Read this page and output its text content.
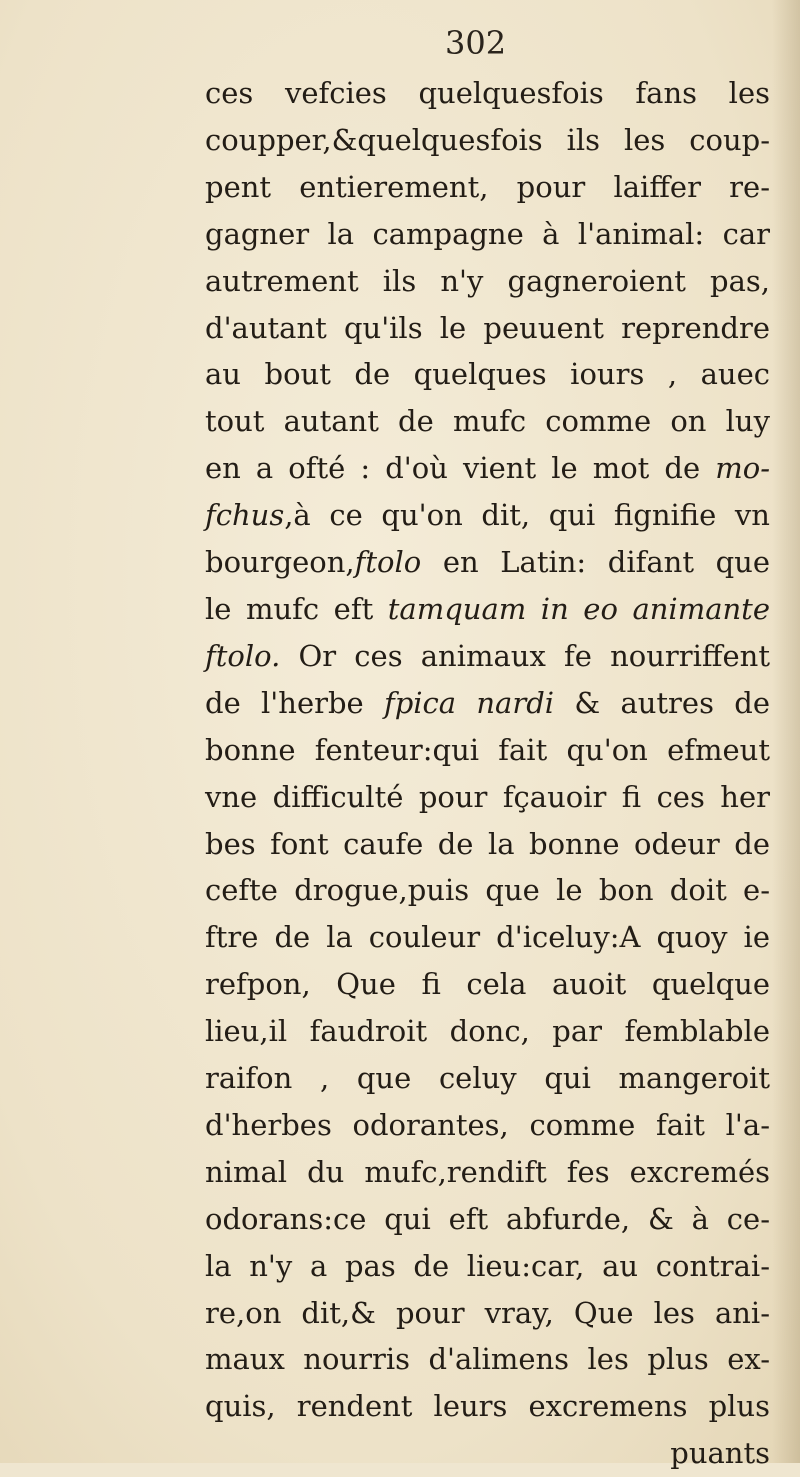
302
ces vefcies quelquesfois fans les
coupper,&quelquesfois ils les coup-
pent entierement, pour laiffer re-
gagner la campagne à l'animal: car
autrement ils n'y gagneroient pas,
d'autant qu'ils le peuuent reprendre
au bout de quelques iours , auec
tout autant de mufc comme on luy
en a ofté : d'où vient le mot de mo-
fchus,à ce qu'on dit, qui fignifie vn
bourgeon,ftolo en Latin: difant que
le mufc eft tamquam in eo animante
ftolo. Or ces animaux fe nourriffent
de l'herbe fpica nardi & autres de
bonne fenteur:qui fait qu'on efmeut
vne difficulté pour fçauoir fi ces her
bes font caufe de la bonne odeur de
cefte drogue,puis que le bon doit e-
ftre de la couleur d'iceluy:A quoy ie
refpon, Que fi cela auoit quelque
lieu,il faudroit donc, par femblable
raifon , que celuy qui mangeroit
d'herbes odorantes, comme fait l'a-
nimal du mufc,rendift fes excremés
odorans:ce qui eft abfurde, & à ce-
la n'y a pas de lieu:car, au contrai-
re,on dit,& pour vray, Que les ani-
maux nourris d'alimens les plus ex-
quis, rendent leurs excremens plus
puants
